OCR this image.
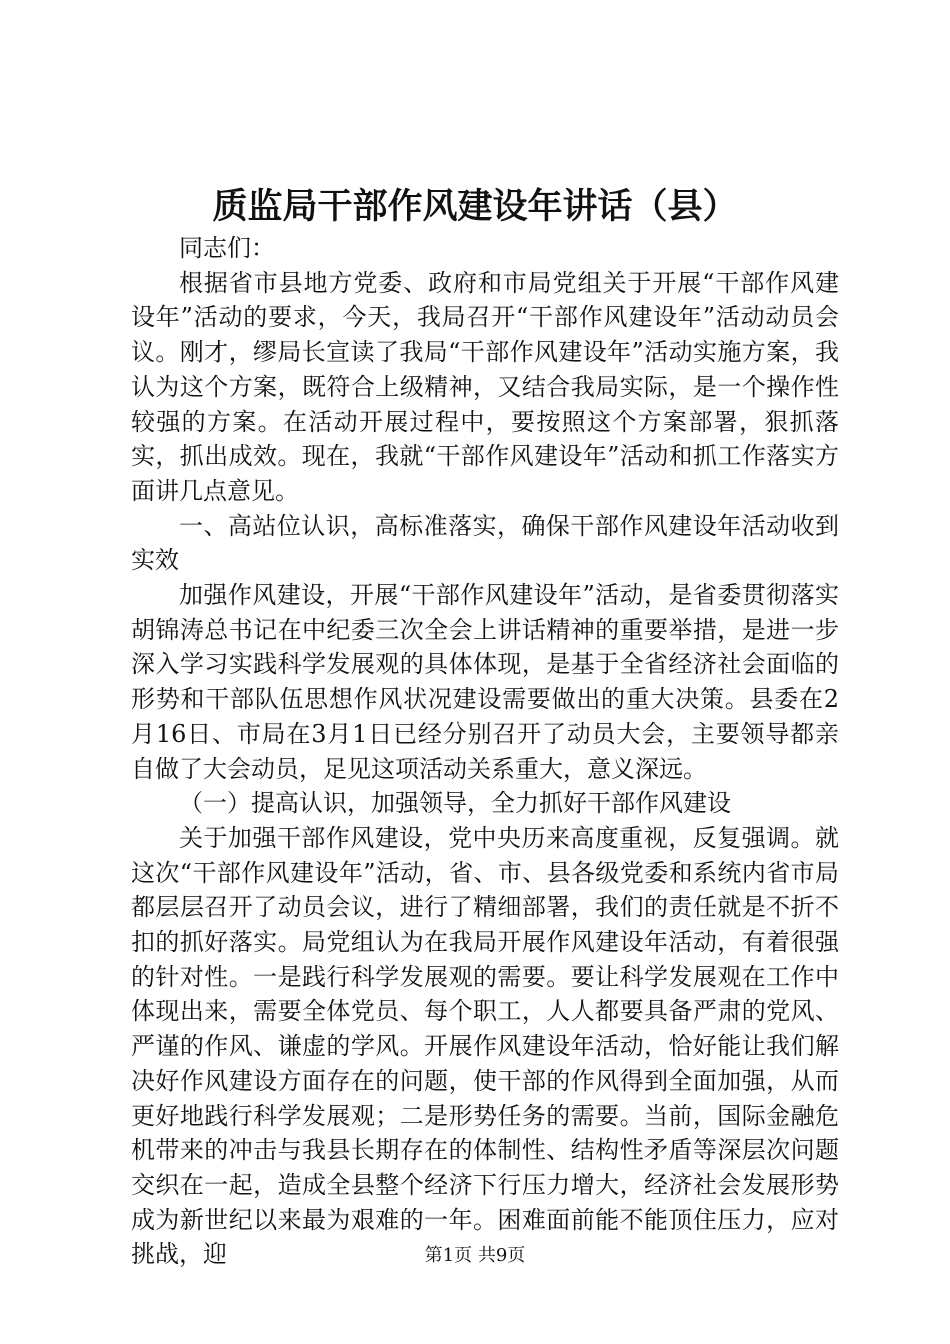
质监局干部作风建设年讲话（县）

同志们：

根据省市县地方党委、政府和市局党组关于开展“干部作风建设年”活动的要求，今天，我局召开“干部作风建设年”活动动员会议。刚才，缪局长宣读了我局“干部作风建设年”活动实施方案，我认为这个方案，既符合上级精神，又结合我局实际，是一个操作性较强的方案。在活动开展过程中，要按照这个方案部署，狠抓落实，抓出成效。现在，我就“干部作风建设年”活动和抓工作落实方面讲几点意见。

一、高站位认识，高标准落实，确保干部作风建设年活动收到实效

加强作风建设，开展“干部作风建设年”活动，是省委贯彻落实胡锦涛总书记在中纪委三次全会上讲话精神的重要举措，是进一步深入学习实践科学发展观的具体体现，是基于全省经济社会面临的形势和干部队伍思想作风状况建设需要做出的重大决策。县委在2月16日、市局在3月1日已经分别召开了动员大会，主要领导都亲自做了大会动员，足见这项活动关系重大，意义深远。

（一）提高认识，加强领导，全力抓好干部作风建设

关于加强干部作风建设，党中央历来高度重视，反复强调。就这次“干部作风建设年”活动，省、市、县各级党委和系统内省市局都层层召开了动员会议，进行了精细部署，我们的责任就是不折不扣的抓好落实。局党组认为在我局开展作风建设年活动，有着很强的针对性。一是践行科学发展观的需要。要让科学发展观在工作中体现出来，需要全体党员、每个职工，人人都要具备严肃的党风、严谨的作风、谦虚的学风。开展作风建设年活动，恰好能让我们解决好作风建设方面存在的问题，使干部的作风得到全面加强，从而更好地践行科学发展观；二是形势任务的需要。当前，国际金融危机带来的冲击与我县长期存在的体制性、结构性矛盾等深层次问题交织在一起，造成全县整个经济下行压力增大，经济社会发展形势成为新世纪以来最为艰难的一年。困难面前能不能顶住压力，应对挑战，迎	第1页 共9页
